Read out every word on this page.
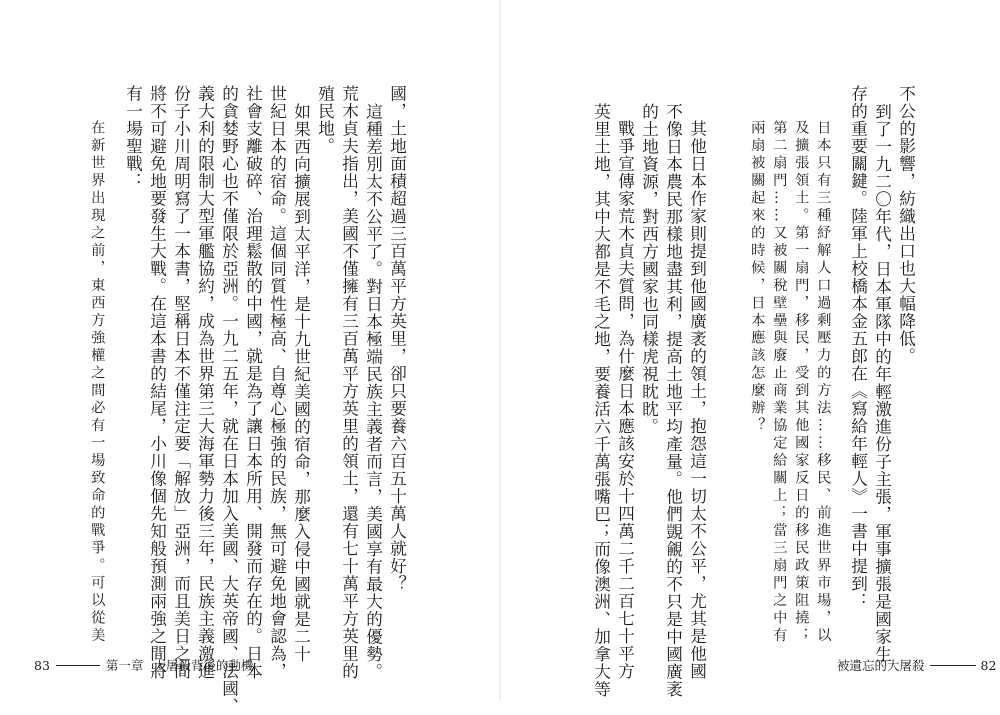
不公的影響，紡織出口也大幅降低。
到了一九二〇年代，日本軍隊中的年輕激進份子主張，軍事擴張是國家生
存的重要關鍵。陸軍上校橋本金五郎在《寫給年輕人》一書中提到：
日本只有三種紓解人口過剩壓力的方法……移民、前進世界市場，以
及擴張領土。第一扇門，移民，受到其他國家反日的移民政策阻撓；
第二扇門……又被關稅壁壘與廢止商業協定給關上；當三扇門之中有
兩扇被關起來的時候，日本應該怎麼辦？
其他日本作家則提到他國廣袤的領土，抱怨這一切太不公平，尤其是他國
不像日本農民那樣地盡其利，提高土地平均產量。他們覬覦的不只是中國廣袤
的土地資源，對西方國家也同樣虎視眈眈。
戰爭宣傳家荒木貞夫質問，為什麼日本應該安於十四萬二千二百七十平方
英里土地，其中大都是不毛之地，要養活六千萬張嘴巴；而像澳洲、加拿大等
國，土地面積超過三百萬平方英里，卻只要養六百五十萬人就好？
這種差別太不公平了。對日本極端民族主義者而言，美國享有最大的優勢。
荒木貞夫指出，美國不僅擁有三百萬平方英里的領土，還有七十萬平方英里的
殖民地。
如果西向擴展到太平洋，是十九世紀美國的宿命，那麼入侵中國就是二十
世紀日本的宿命。這個同質性極高、自尊心極強的民族，無可避免地會認為，
社會支離破碎、治理鬆散的中國，就是為了讓日本所用、開發而存在的。日本
的貪婪野心也不僅限於亞洲。一九二五年，就在日本加入美國、大英帝國、法國、
義大利的限制大型軍艦協約，成為世界第三大海軍勢力後三年，民族主義激進
份子小川周明寫了一本書，堅稱日本不僅注定要「解放」亞洲，而且美日之間
將不可避免地要發生大戰。在這本書的結尾，小川像個先知般預測兩強之間將
有一場聖戰：
在新世界出現之前，東西方強權之間必有一場致命的戰爭。可以從美
83	第一章 大屠殺背後的動機	被遺忘的大屠殺	82
